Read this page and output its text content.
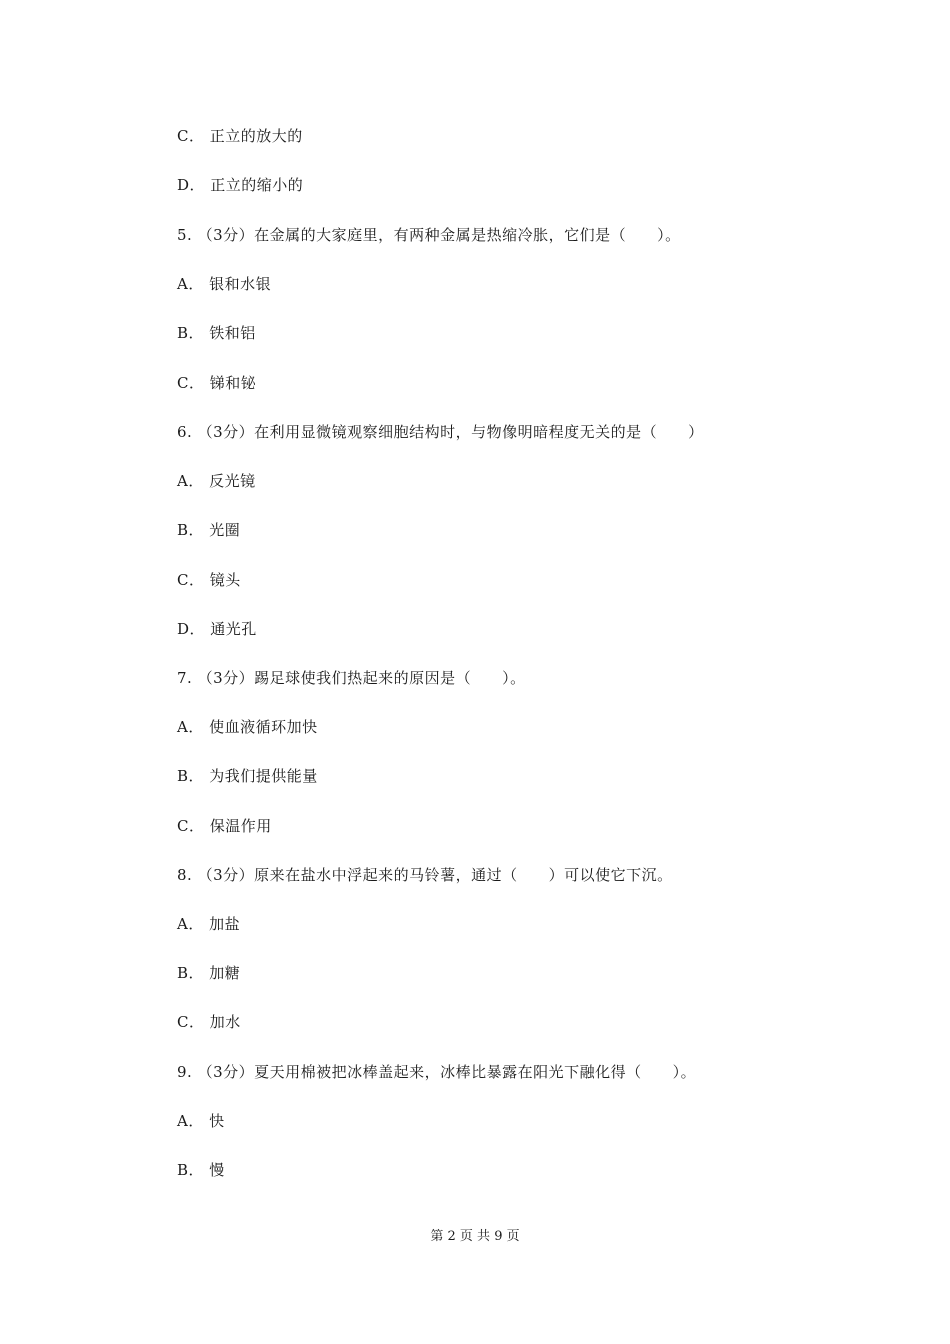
C． 正立的放大的
D． 正立的缩小的
5. （3分）在金属的大家庭里，有两种金属是热缩冷胀，它们是（　　）。
A． 银和水银
B． 铁和铝
C． 锑和铋
6. （3分）在利用显微镜观察细胞结构时，与物像明暗程度无关的是（　　）
A． 反光镜
B． 光圈
C． 镜头
D． 通光孔
7. （3分）踢足球使我们热起来的原因是（　　）。
A． 使血液循环加快
B． 为我们提供能量
C． 保温作用
8. （3分）原来在盐水中浮起来的马铃薯，通过（　　）可以使它下沉。
A． 加盐
B． 加糖
C． 加水
9. （3分）夏天用棉被把冰棒盖起来，冰棒比暴露在阳光下融化得（　　）。
A． 快
B． 慢
第 2 页 共 9 页
